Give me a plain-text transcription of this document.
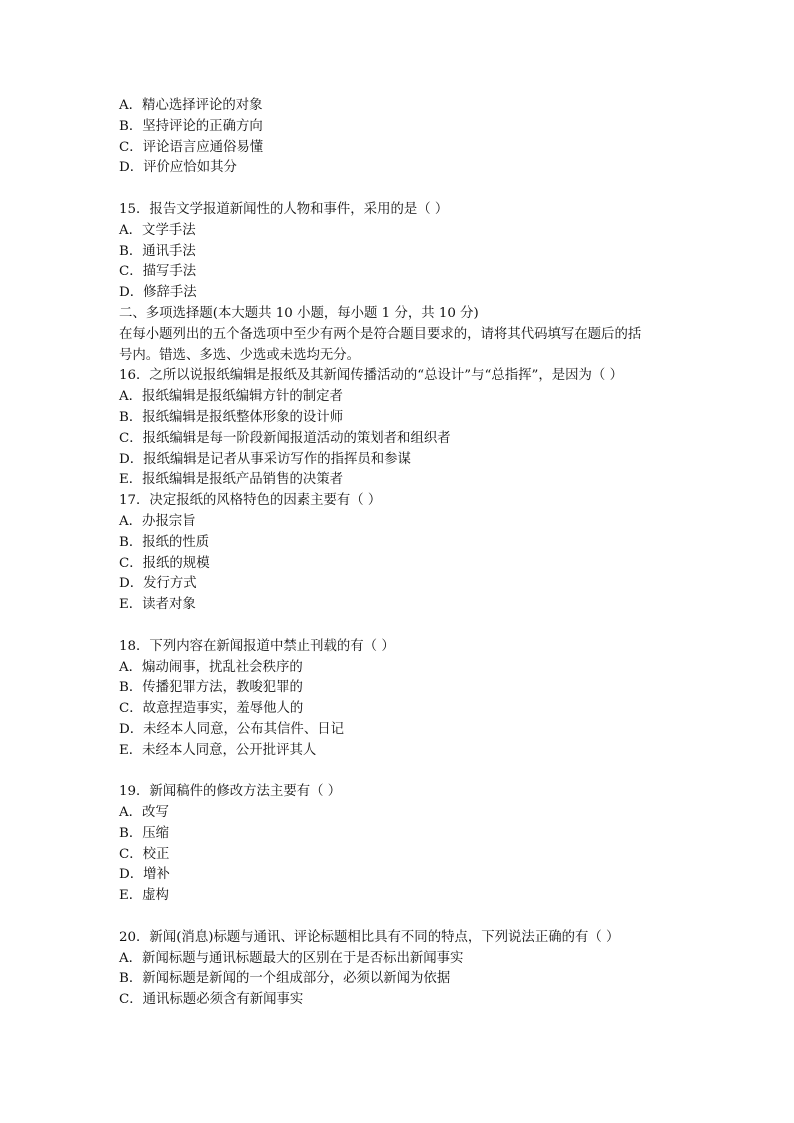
A．精心选择评论的对象
B．坚持评论的正确方向
C．评论语言应通俗易懂
D．评价应恰如其分
15．报告文学报道新闻性的人物和事件，采用的是（ ）
A．文学手法
B．通讯手法
C．描写手法
D．修辞手法
二、多项选择题(本大题共 10 小题，每小题 1 分，共 10 分)
在每小题列出的五个备选项中至少有两个是符合题目要求的，请将其代码填写在题后的括
号内。错选、多选、少选或未选均无分。
16．之所以说报纸编辑是报纸及其新闻传播活动的“总设计”与“总指挥”，是因为（ ）
A．报纸编辑是报纸编辑方针的制定者
B．报纸编辑是报纸整体形象的设计师
C．报纸编辑是每一阶段新闻报道活动的策划者和组织者
D．报纸编辑是记者从事采访写作的指挥员和参谋
E．报纸编辑是报纸产品销售的决策者
17．决定报纸的风格特色的因素主要有（ ）
A．办报宗旨
B．报纸的性质
C．报纸的规模
D．发行方式
E．读者对象
18．下列内容在新闻报道中禁止刊载的有（ ）
A．煽动闹事，扰乱社会秩序的
B．传播犯罪方法，教唆犯罪的
C．故意捏造事实，羞辱他人的
D．未经本人同意，公布其信件、日记
E．未经本人同意，公开批评其人
19．新闻稿件的修改方法主要有（ ）
A．改写
B．压缩
C．校正
D．增补
E．虚构
20．新闻(消息)标题与通讯、评论标题相比具有不同的特点，下列说法正确的有（ ）
A．新闻标题与通讯标题最大的区别在于是否标出新闻事实
B．新闻标题是新闻的一个组成部分，必须以新闻为依据
C．通讯标题必须含有新闻事实
